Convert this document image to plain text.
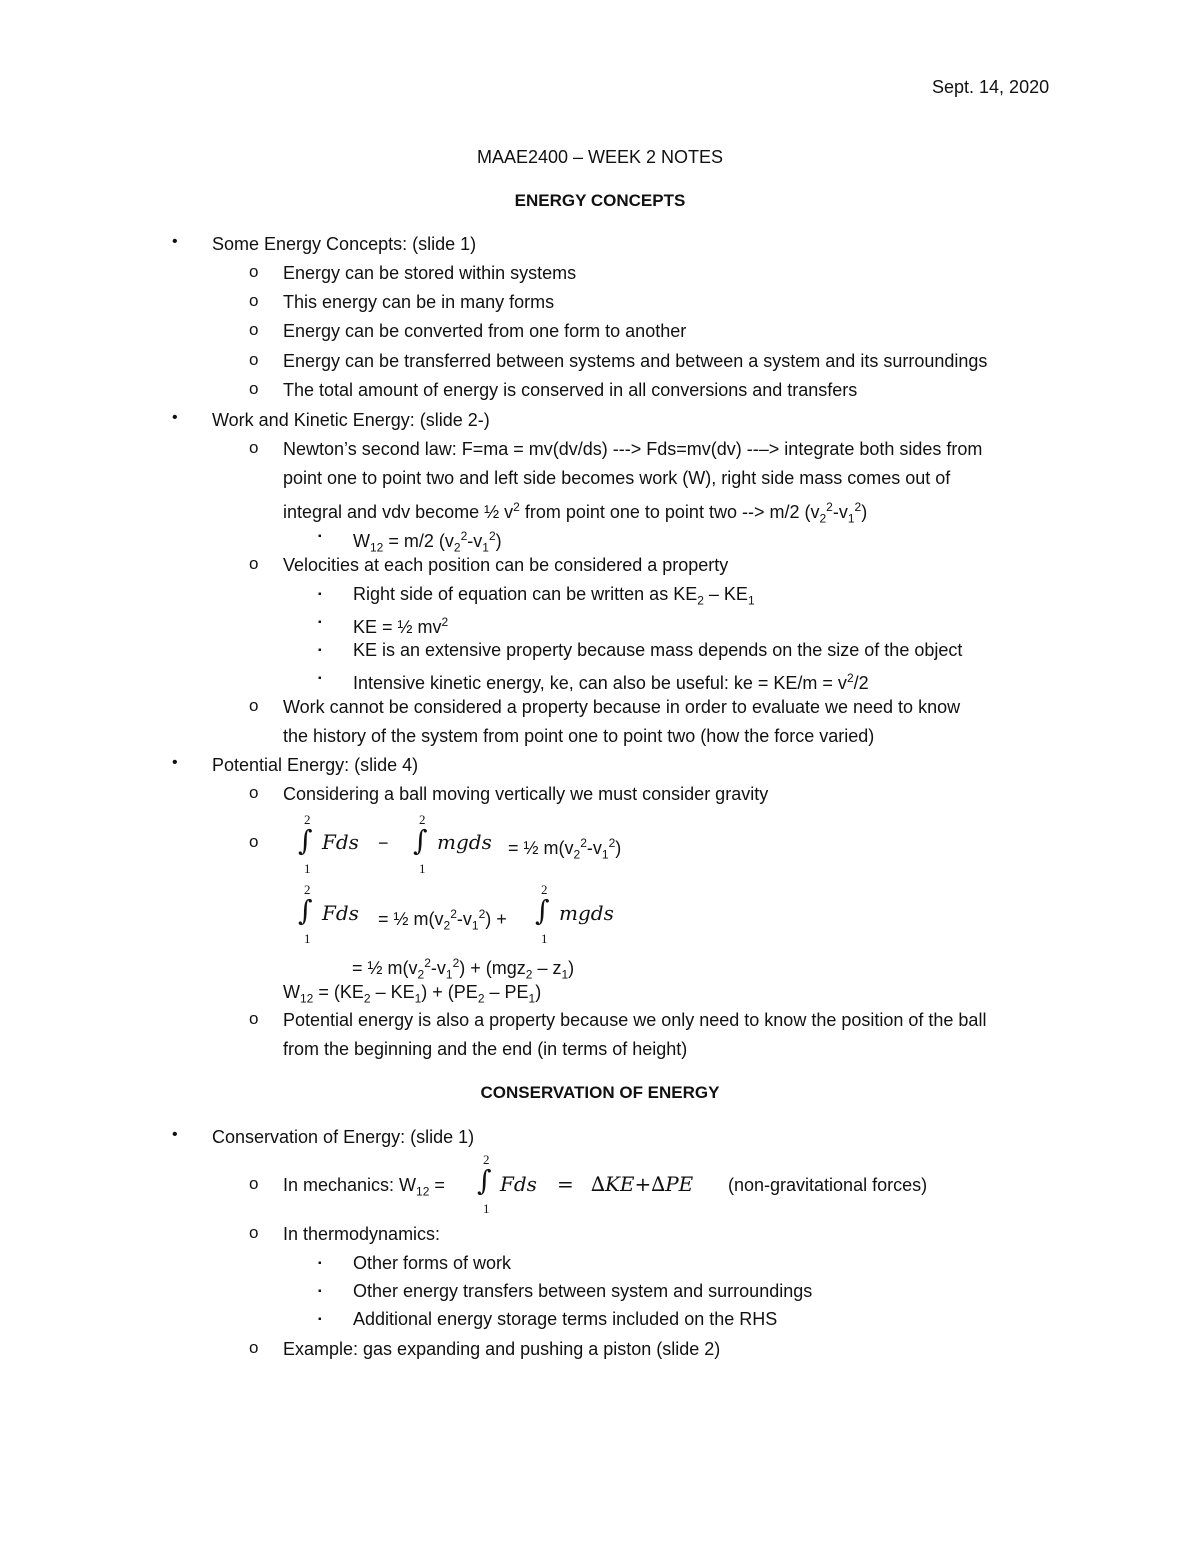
Sept. 14, 2020
MAAE2400 – WEEK 2 NOTES
ENERGY CONCEPTS
• Some Energy Concepts: (slide 1)
o Energy can be stored within systems
o This energy can be in many forms
o Energy can be converted from one form to another
o Energy can be transferred between systems and between a system and its surroundings
o The total amount of energy is conserved in all conversions and transfers
• Work and Kinetic Energy: (slide 2-)
o Newton’s second law: F=ma = mv(dv/ds) ---> Fds=mv(dv) --–> integrate both sides from
point one to point two and left side becomes work (W), right side mass comes out of
integral and vdv become ½ $v^2$ from point one to point two --> m/2 $(v_2^2-v_1^2)$
▪ $W_{12} = m/2$ $(v_2^2-v_1^2)$
o Velocities at each position can be considered a property
▪ Right side of equation can be written as $KE_2 - KE_1$
▪ KE = ½ $mv^2$
▪ KE is an extensive property because mass depends on the size of the object
▪ Intensive kinetic energy, ke, can also be useful: ke = $KE/m = v^2/2$
o Work cannot be considered a property because in order to evaluate we need to know
the history of the system from point one to point two (how the force varied)
• Potential Energy: (slide 4)
o Considering a ball moving vertically we must consider gravity
o
2
∫
1
Fds −
2
∫
1
mgds = ½ $m(v_2^2-v_1^2)$
2
∫
1
Fds = ½ $m(v_2^2-v_1^2)$ +
2
∫
1
mgds
= ½ $m(v_2^2-v_1^2) + (mgz_2 - z_1)$
$W_{12} = (KE_2 - KE_1) + (PE_2 - PE_1)$
o Potential energy is also a property because we only need to know the position of the ball
from the beginning and the end (in terms of height)
CONSERVATION OF ENERGY
• Conservation of Energy: (slide 1)
o In mechanics: $W_{12}$ =
2
∫
1
Fds = ∆KE+∆PE (non-gravitational forces)
o In thermodynamics:
▪ Other forms of work
▪ Other energy transfers between system and surroundings
▪ Additional energy storage terms included on the RHS
o Example: gas expanding and pushing a piston (slide 2)
